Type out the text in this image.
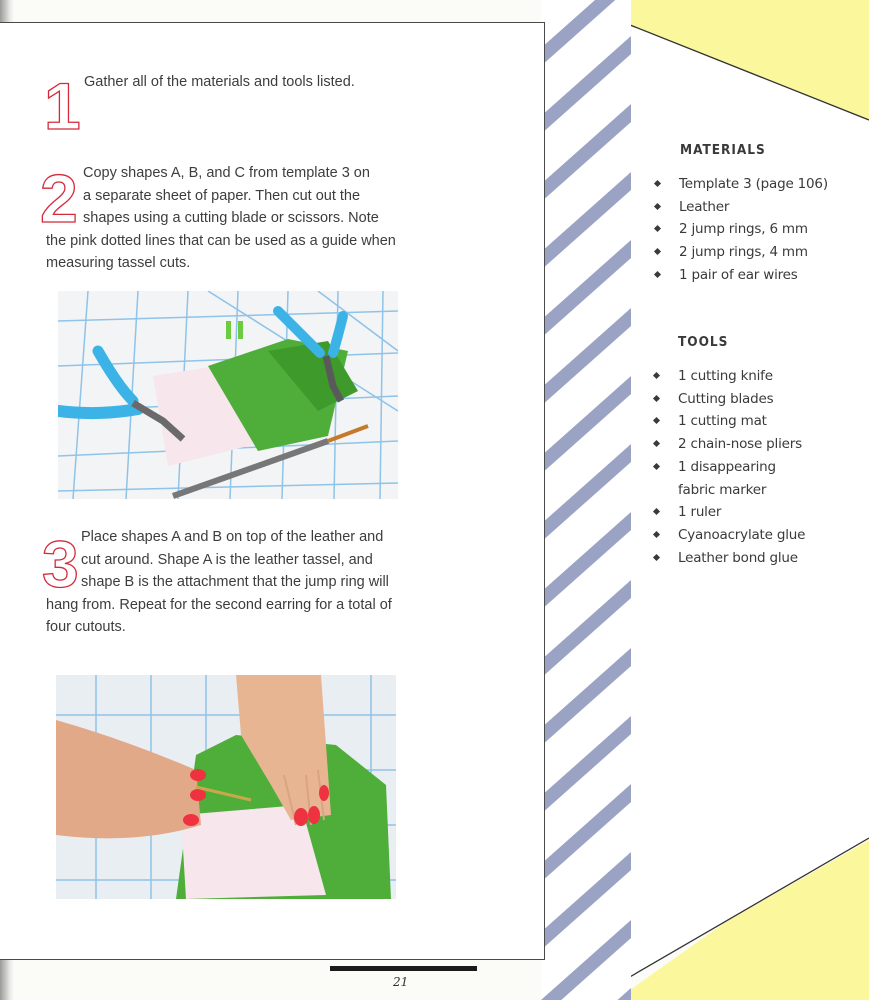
1 Gather all of the materials and tools listed.
2 Copy shapes A, B, and C from template 3 on
a separate sheet of paper. Then cut out the
shapes using a cutting blade or scissors. Note
the pink dotted lines that can be used as a guide when
measuring tassel cuts.
3 Place shapes A and B on top of the leather and
cut around. Shape A is the leather tassel, and
shape B is the attachment that the jump ring will
hang from. Repeat for the second earring for a total of
four cutouts.
21
MATERIALS
Template 3 (page 106)
Leather
2 jump rings, 6 mm
2 jump rings, 4 mm
1 pair of ear wires
TOOLS
1 cutting knife
Cutting blades
1 cutting mat
2 chain-nose pliers
1 disappearing
fabric marker
1 ruler
Cyanoacrylate glue
Leather bond glue
